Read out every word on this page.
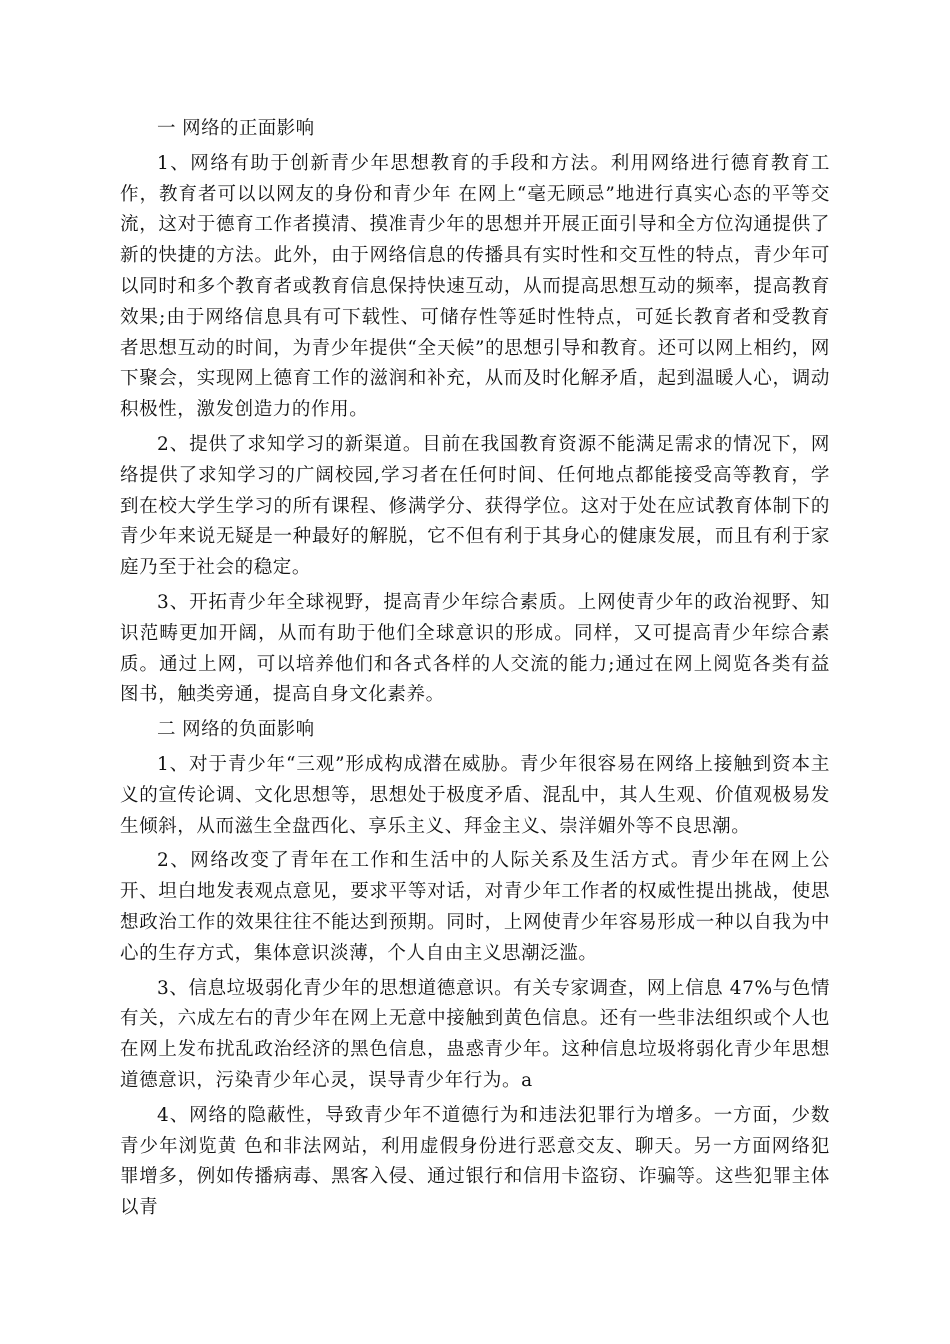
一 网络的正面影响

1、网络有助于创新青少年思想教育的手段和方法。利用网络进行德育教育工作，教育者可以以网友的身份和青少年 在网上“毫无顾忌”地进行真实心态的平等交流，这对于德育工作者摸清、摸准青少年的思想并开展正面引导和全方位沟通提供了新的快捷的方法。此外，由于网络信息的传播具有实时性和交互性的特点，青少年可以同时和多个教育者或教育信息保持快速互动，从而提高思想互动的频率，提高教育效果;由于网络信息具有可下载性、可储存性等延时性特点，可延长教育者和受教育者思想互动的时间，为青少年提供“全天候”的思想引导和教育。还可以网上相约，网下聚会，实现网上德育工作的滋润和补充，从而及时化解矛盾，起到温暖人心，调动积极性，激发创造力的作用。

2、提供了求知学习的新渠道。目前在我国教育资源不能满足需求的情况下，网络提供了求知学习的广阔校园,学习者在任何时间、任何地点都能接受高等教育，学到在校大学生学习的所有课程、修满学分、获得学位。这对于处在应试教育体制下的青少年来说无疑是一种最好的解脱，它不但有利于其身心的健康发展，而且有利于家庭乃至于社会的稳定。

3、开拓青少年全球视野，提高青少年综合素质。上网使青少年的政治视野、知识范畴更加开阔，从而有助于他们全球意识的形成。同样，又可提高青少年综合素质。通过上网，可以培养他们和各式各样的人交流的能力;通过在网上阅览各类有益图书，触类旁通，提高自身文化素养。

二 网络的负面影响

1、对于青少年“三观”形成构成潜在威胁。青少年很容易在网络上接触到资本主义的宣传论调、文化思想等，思想处于极度矛盾、混乱中，其人生观、价值观极易发生倾斜，从而滋生全盘西化、享乐主义、拜金主义、崇洋媚外等不良思潮。

2、网络改变了青年在工作和生活中的人际关系及生活方式。青少年在网上公开、坦白地发表观点意见，要求平等对话，对青少年工作者的权威性提出挑战，使思想政治工作的效果往往不能达到预期。同时，上网使青少年容易形成一种以自我为中心的生存方式，集体意识淡薄，个人自由主义思潮泛滥。

3、信息垃圾弱化青少年的思想道德意识。有关专家调查，网上信息 47%与色情有关，六成左右的青少年在网上无意中接触到黄色信息。还有一些非法组织或个人也在网上发布扰乱政治经济的黑色信息，蛊惑青少年。这种信息垃圾将弱化青少年思想道德意识，污染青少年心灵，误导青少年行为。a

4、网络的隐蔽性，导致青少年不道德行为和违法犯罪行为增多。一方面，少数青少年浏览黄 色和非法网站，利用虚假身份进行恶意交友、聊天。另一方面网络犯罪增多，例如传播病毒、黑客入侵、通过银行和信用卡盗窃、诈骗等。这些犯罪主体以青
